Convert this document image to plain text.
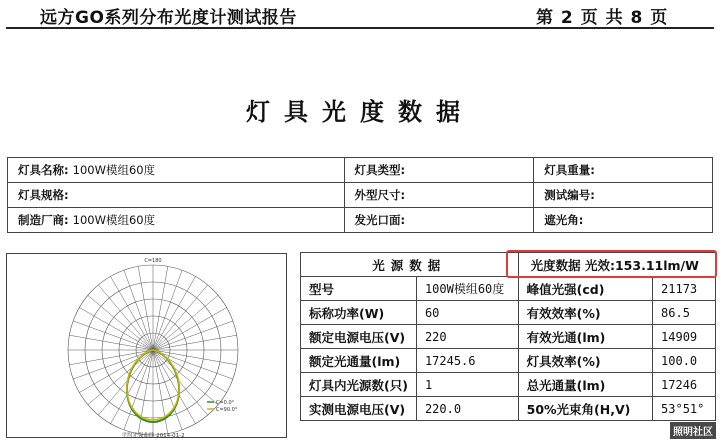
远方GO系列分布光度计测试报告	第 2 页 共 8 页
灯具光度数据
灯具名称: 100W模组60度	灯具类型:	灯具重量:
灯具规格:	外型尺寸:	测试编号:
制造厂商: 100W模组60度	发光口面:	遮光角:
C=180
C=0.0°
C=90.0°
平均光强曲线 2014-01-2
光源数据		光度数据 光效:153.11lm/W	
型号	100W模组60度	峰值光强(cd)	21173
标称功率(W)	60	有效效率(%)	86.5
额定电源电压(V)	220	有效光通(lm)	14909
额定光通量(lm)	17245.6	灯具效率(%)	100.0
灯具内光源数(只)	1	总光通量(lm)	17246
实测电源电压(V)	220.0	50%光束角(H,V)	53°51°
照明社区
